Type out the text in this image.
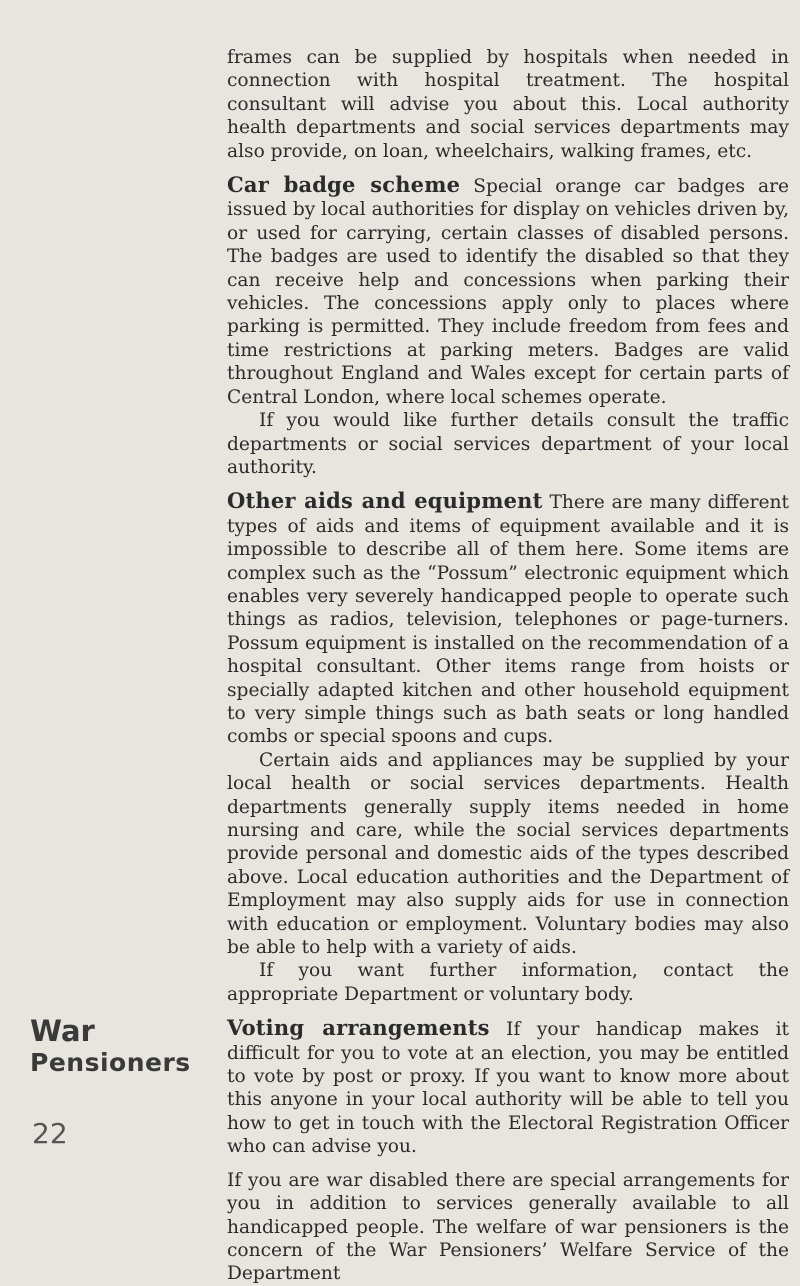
War
Pensioners
22

frames can be supplied by hospitals when needed in connection with hospital treatment. The hospital consultant will advise you about this. Local authority health departments and social services departments may also provide, on loan, wheelchairs, walking frames, etc.

Car badge scheme Special orange car badges are issued by local authorities for display on vehicles driven by, or used for carrying, certain classes of disabled persons. The badges are used to identify the disabled so that they can receive help and concessions when parking their vehicles. The concessions apply only to places where parking is permitted. They include freedom from fees and time restrictions at parking meters. Badges are valid throughout England and Wales except for certain parts of Central London, where local schemes operate.

If you would like further details consult the traffic departments or social services department of your local authority.

Other aids and equipment There are many different types of aids and items of equipment available and it is impossible to describe all of them here. Some items are complex such as the “Possum” electronic equipment which enables very severely handicapped people to operate such things as radios, television, telephones or page-turners. Possum equipment is installed on the recommendation of a hospital consultant. Other items range from hoists or specially adapted kitchen and other household equipment to very simple things such as bath seats or long handled combs or special spoons and cups.

Certain aids and appliances may be supplied by your local health or social services departments. Health departments generally supply items needed in home nursing and care, while the social services departments provide personal and domestic aids of the types described above. Local education authorities and the Department of Employment may also supply aids for use in connection with education or employment. Voluntary bodies may also be able to help with a variety of aids.

If you want further information, contact the appropriate Department or voluntary body.

Voting arrangements If your handicap makes it difficult for you to vote at an election, you may be entitled to vote by post or proxy. If you want to know more about this anyone in your local authority will be able to tell you how to get in touch with the Electoral Registration Officer who can advise you.

If you are war disabled there are special arrangements for you in addition to services generally available to all handicapped people. The welfare of war pensioners is the concern of the War Pensioners’ Welfare Service of the Department
